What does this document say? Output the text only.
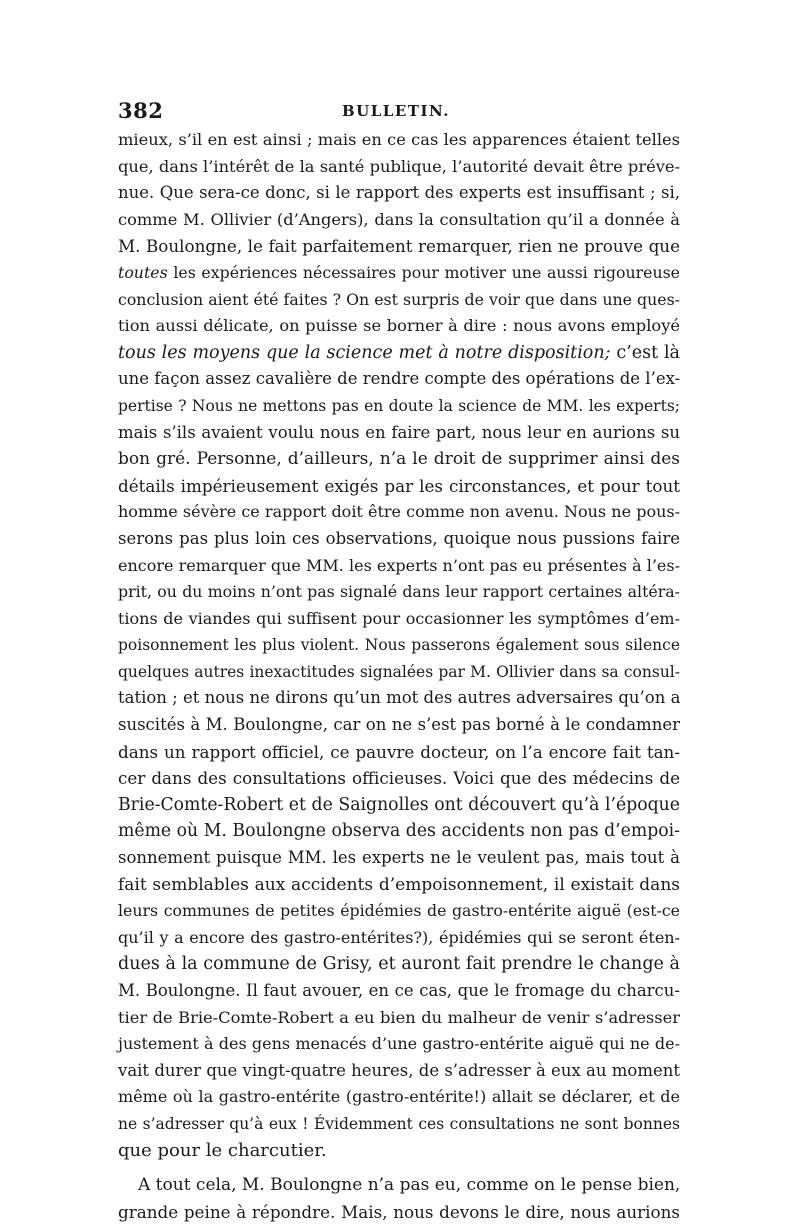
382	BULLETIN.
mieux, s’il en est ainsi ; mais en ce cas les apparences étaient telles
que, dans l’intérêt de la santé publique, l’autorité devait être préve-
nue. Que sera-ce donc, si le rapport des experts est insuffisant ; si,
comme M. Ollivier (d’Angers), dans la consultation qu’il a donnée à
M. Boulongne, le fait parfaitement remarquer, rien ne prouve que
toutes les expériences nécessaires pour motiver une aussi rigoureuse
conclusion aient été faites ? On est surpris de voir que dans une ques-
tion aussi délicate, on puisse se borner à dire : nous avons employé
tous les moyens que la science met à notre disposition; c’est là
une façon assez cavalière de rendre compte des opérations de l’ex-
pertise ? Nous ne mettons pas en doute la science de MM. les experts;
mais s’ils avaient voulu nous en faire part, nous leur en aurions su
bon gré. Personne, d’ailleurs, n’a le droit de supprimer ainsi des
détails impérieusement exigés par les circonstances, et pour tout
homme sévère ce rapport doit être comme non avenu. Nous ne pous-
serons pas plus loin ces observations, quoique nous pussions faire
encore remarquer que MM. les experts n’ont pas eu présentes à l’es-
prit, ou du moins n’ont pas signalé dans leur rapport certaines altéra-
tions de viandes qui suffisent pour occasionner les symptômes d’em-
poisonnement les plus violent. Nous passerons également sous silence
quelques autres inexactitudes signalées par M. Ollivier dans sa consul-
tation ; et nous ne dirons qu’un mot des autres adversaires qu’on a
suscités à M. Boulongne, car on ne s’est pas borné à le condamner
dans un rapport officiel, ce pauvre docteur, on l’a encore fait tan-
cer dans des consultations officieuses. Voici que des médecins de
Brie-Comte-Robert et de Saignolles ont découvert qu’à l’époque
même où M. Boulongne observa des accidents non pas d’empoi-
sonnement puisque MM. les experts ne le veulent pas, mais tout à
fait semblables aux accidents d’empoisonnement, il existait dans
leurs communes de petites épidémies de gastro-entérite aiguë (est-ce
qu’il y a encore des gastro-entérites?), épidémies qui se seront éten-
dues à la commune de Grisy, et auront fait prendre le change à
M. Boulongne. Il faut avouer, en ce cas, que le fromage du charcu-
tier de Brie-Comte-Robert a eu bien du malheur de venir s’adresser
justement à des gens menacés d’une gastro-entérite aiguë qui ne de-
vait durer que vingt-quatre heures, de s’adresser à eux au moment
même où la gastro-entérite (gastro-entérite!) allait se déclarer, et de
ne s’adresser qu’à eux ! Évidemment ces consultations ne sont bonnes
que pour le charcutier.
A tout cela, M. Boulongne n’a pas eu, comme on le pense bien,
grande peine à répondre. Mais, nous devons le dire, nous aurions
